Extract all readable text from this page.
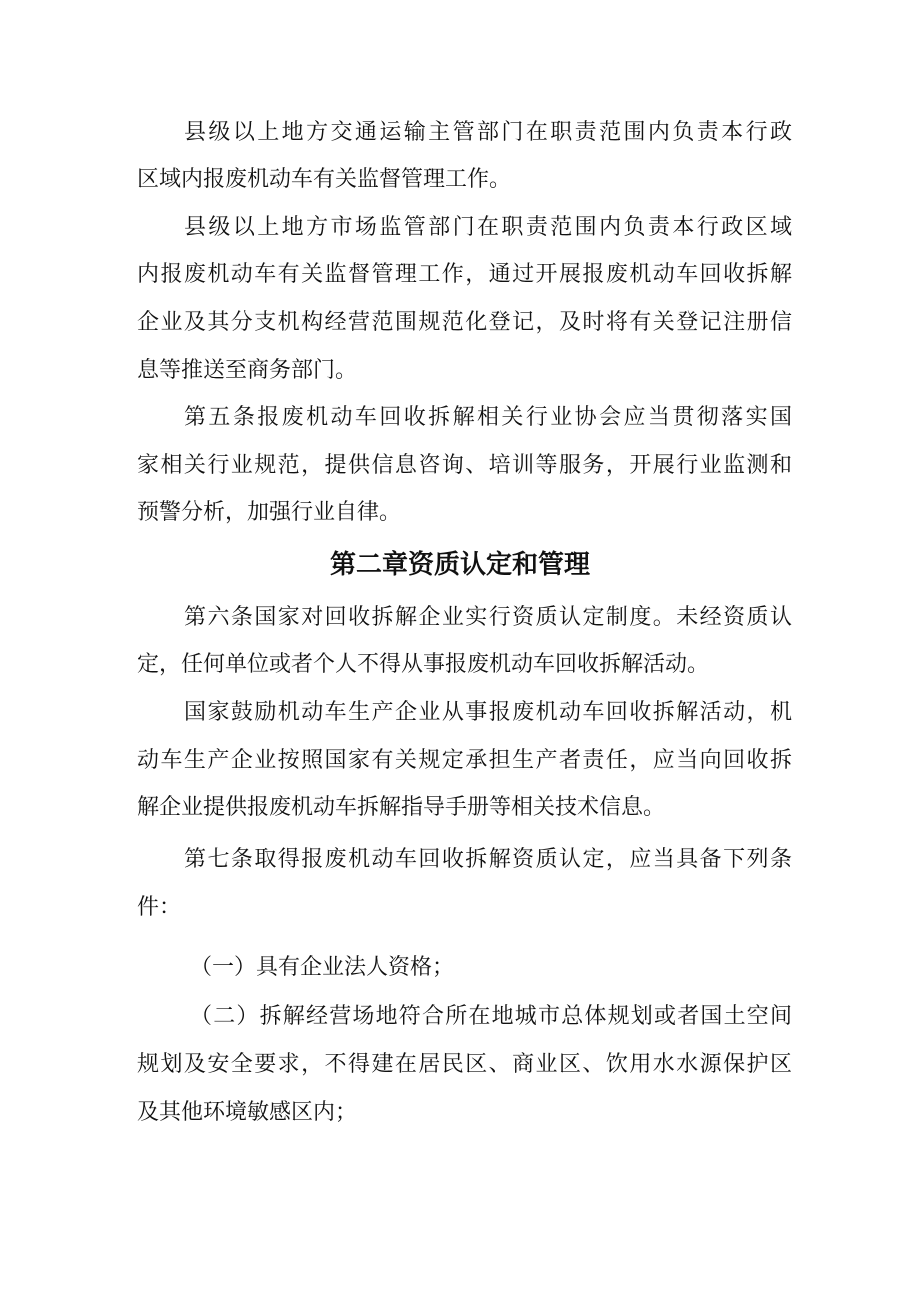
县级以上地方交通运输主管部门在职责范围内负责本行政
区域内报废机动车有关监督管理工作。
县级以上地方市场监管部门在职责范围内负责本行政区域
内报废机动车有关监督管理工作，通过开展报废机动车回收拆解
企业及其分支机构经营范围规范化登记，及时将有关登记注册信
息等推送至商务部门。
第五条报废机动车回收拆解相关行业协会应当贯彻落实国
家相关行业规范，提供信息咨询、培训等服务，开展行业监测和
预警分析，加强行业自律。
第二章资质认定和管理
第六条国家对回收拆解企业实行资质认定制度。未经资质认
定，任何单位或者个人不得从事报废机动车回收拆解活动。
国家鼓励机动车生产企业从事报废机动车回收拆解活动，机
动车生产企业按照国家有关规定承担生产者责任，应当向回收拆
解企业提供报废机动车拆解指导手册等相关技术信息。
第七条取得报废机动车回收拆解资质认定，应当具备下列条
件：
（一）具有企业法人资格；
（二）拆解经营场地符合所在地城市总体规划或者国土空间
规划及安全要求，不得建在居民区、商业区、饮用水水源保护区
及其他环境敏感区内；
